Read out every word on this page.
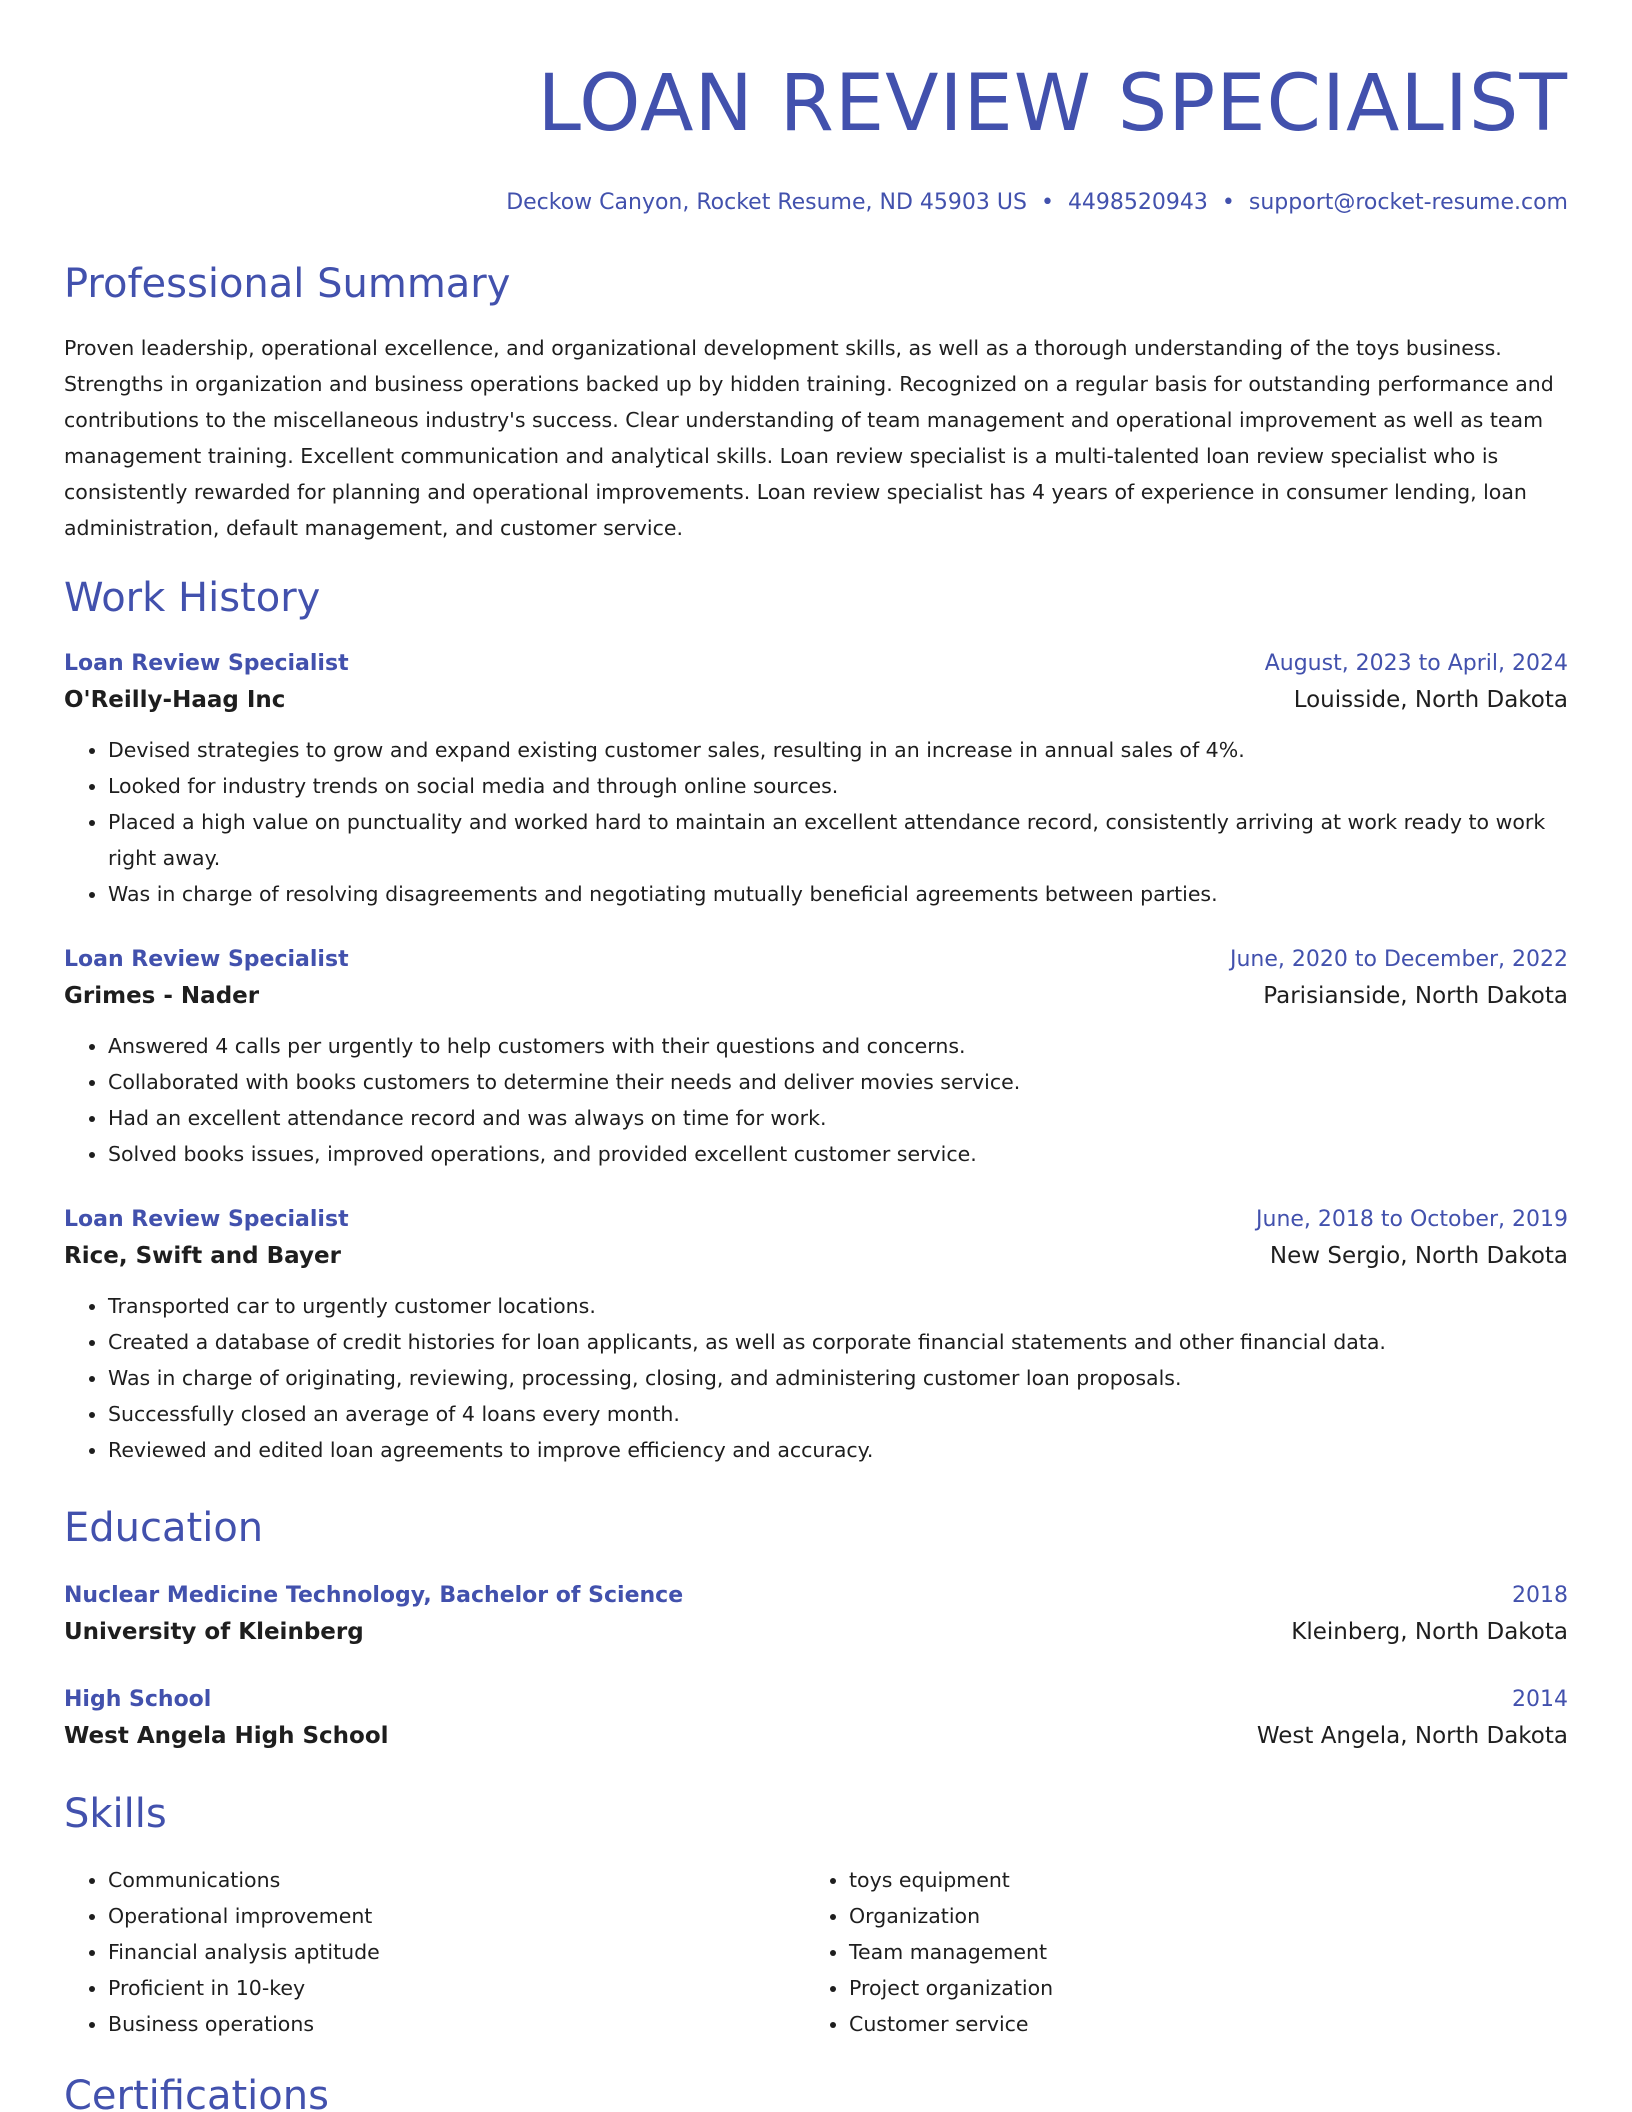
LOAN REVIEW SPECIALIST
Deckow Canyon, Rocket Resume, ND 45903 US • 4498520943 • support@rocket-resume.com
Professional Summary
Proven leadership, operational excellence, and organizational development skills, as well as a thorough understanding of the toys business. Strengths in organization and business operations backed up by hidden training. Recognized on a regular basis for outstanding performance and contributions to the miscellaneous industry's success. Clear understanding of team management and operational improvement as well as team management training. Excellent communication and analytical skills. Loan review specialist is a multi-talented loan review specialist who is consistently rewarded for planning and operational improvements. Loan review specialist has 4 years of experience in consumer lending, loan administration, default management, and customer service.
Work History
Loan Review Specialist	August, 2023 to April, 2024
O'Reilly-Haag Inc	Louisside, North Dakota
• Devised strategies to grow and expand existing customer sales, resulting in an increase in annual sales of 4%.
• Looked for industry trends on social media and through online sources.
• Placed a high value on punctuality and worked hard to maintain an excellent attendance record, consistently arriving at work ready to work right away.
• Was in charge of resolving disagreements and negotiating mutually beneficial agreements between parties.
Loan Review Specialist	June, 2020 to December, 2022
Grimes - Nader	Parisianside, North Dakota
• Answered 4 calls per urgently to help customers with their questions and concerns.
• Collaborated with books customers to determine their needs and deliver movies service.
• Had an excellent attendance record and was always on time for work.
• Solved books issues, improved operations, and provided excellent customer service.
Loan Review Specialist	June, 2018 to October, 2019
Rice, Swift and Bayer	New Sergio, North Dakota
• Transported car to urgently customer locations.
• Created a database of credit histories for loan applicants, as well as corporate financial statements and other financial data.
• Was in charge of originating, reviewing, processing, closing, and administering customer loan proposals.
• Successfully closed an average of 4 loans every month.
• Reviewed and edited loan agreements to improve efficiency and accuracy.
Education
Nuclear Medicine Technology, Bachelor of Science	2018
University of Kleinberg	Kleinberg, North Dakota
High School	2014
West Angela High School	West Angela, North Dakota
Skills
• Communications
• Operational improvement
• Financial analysis aptitude
• Proficient in 10-key
• Business operations
• toys equipment
• Organization
• Team management
• Project organization
• Customer service
Certifications
